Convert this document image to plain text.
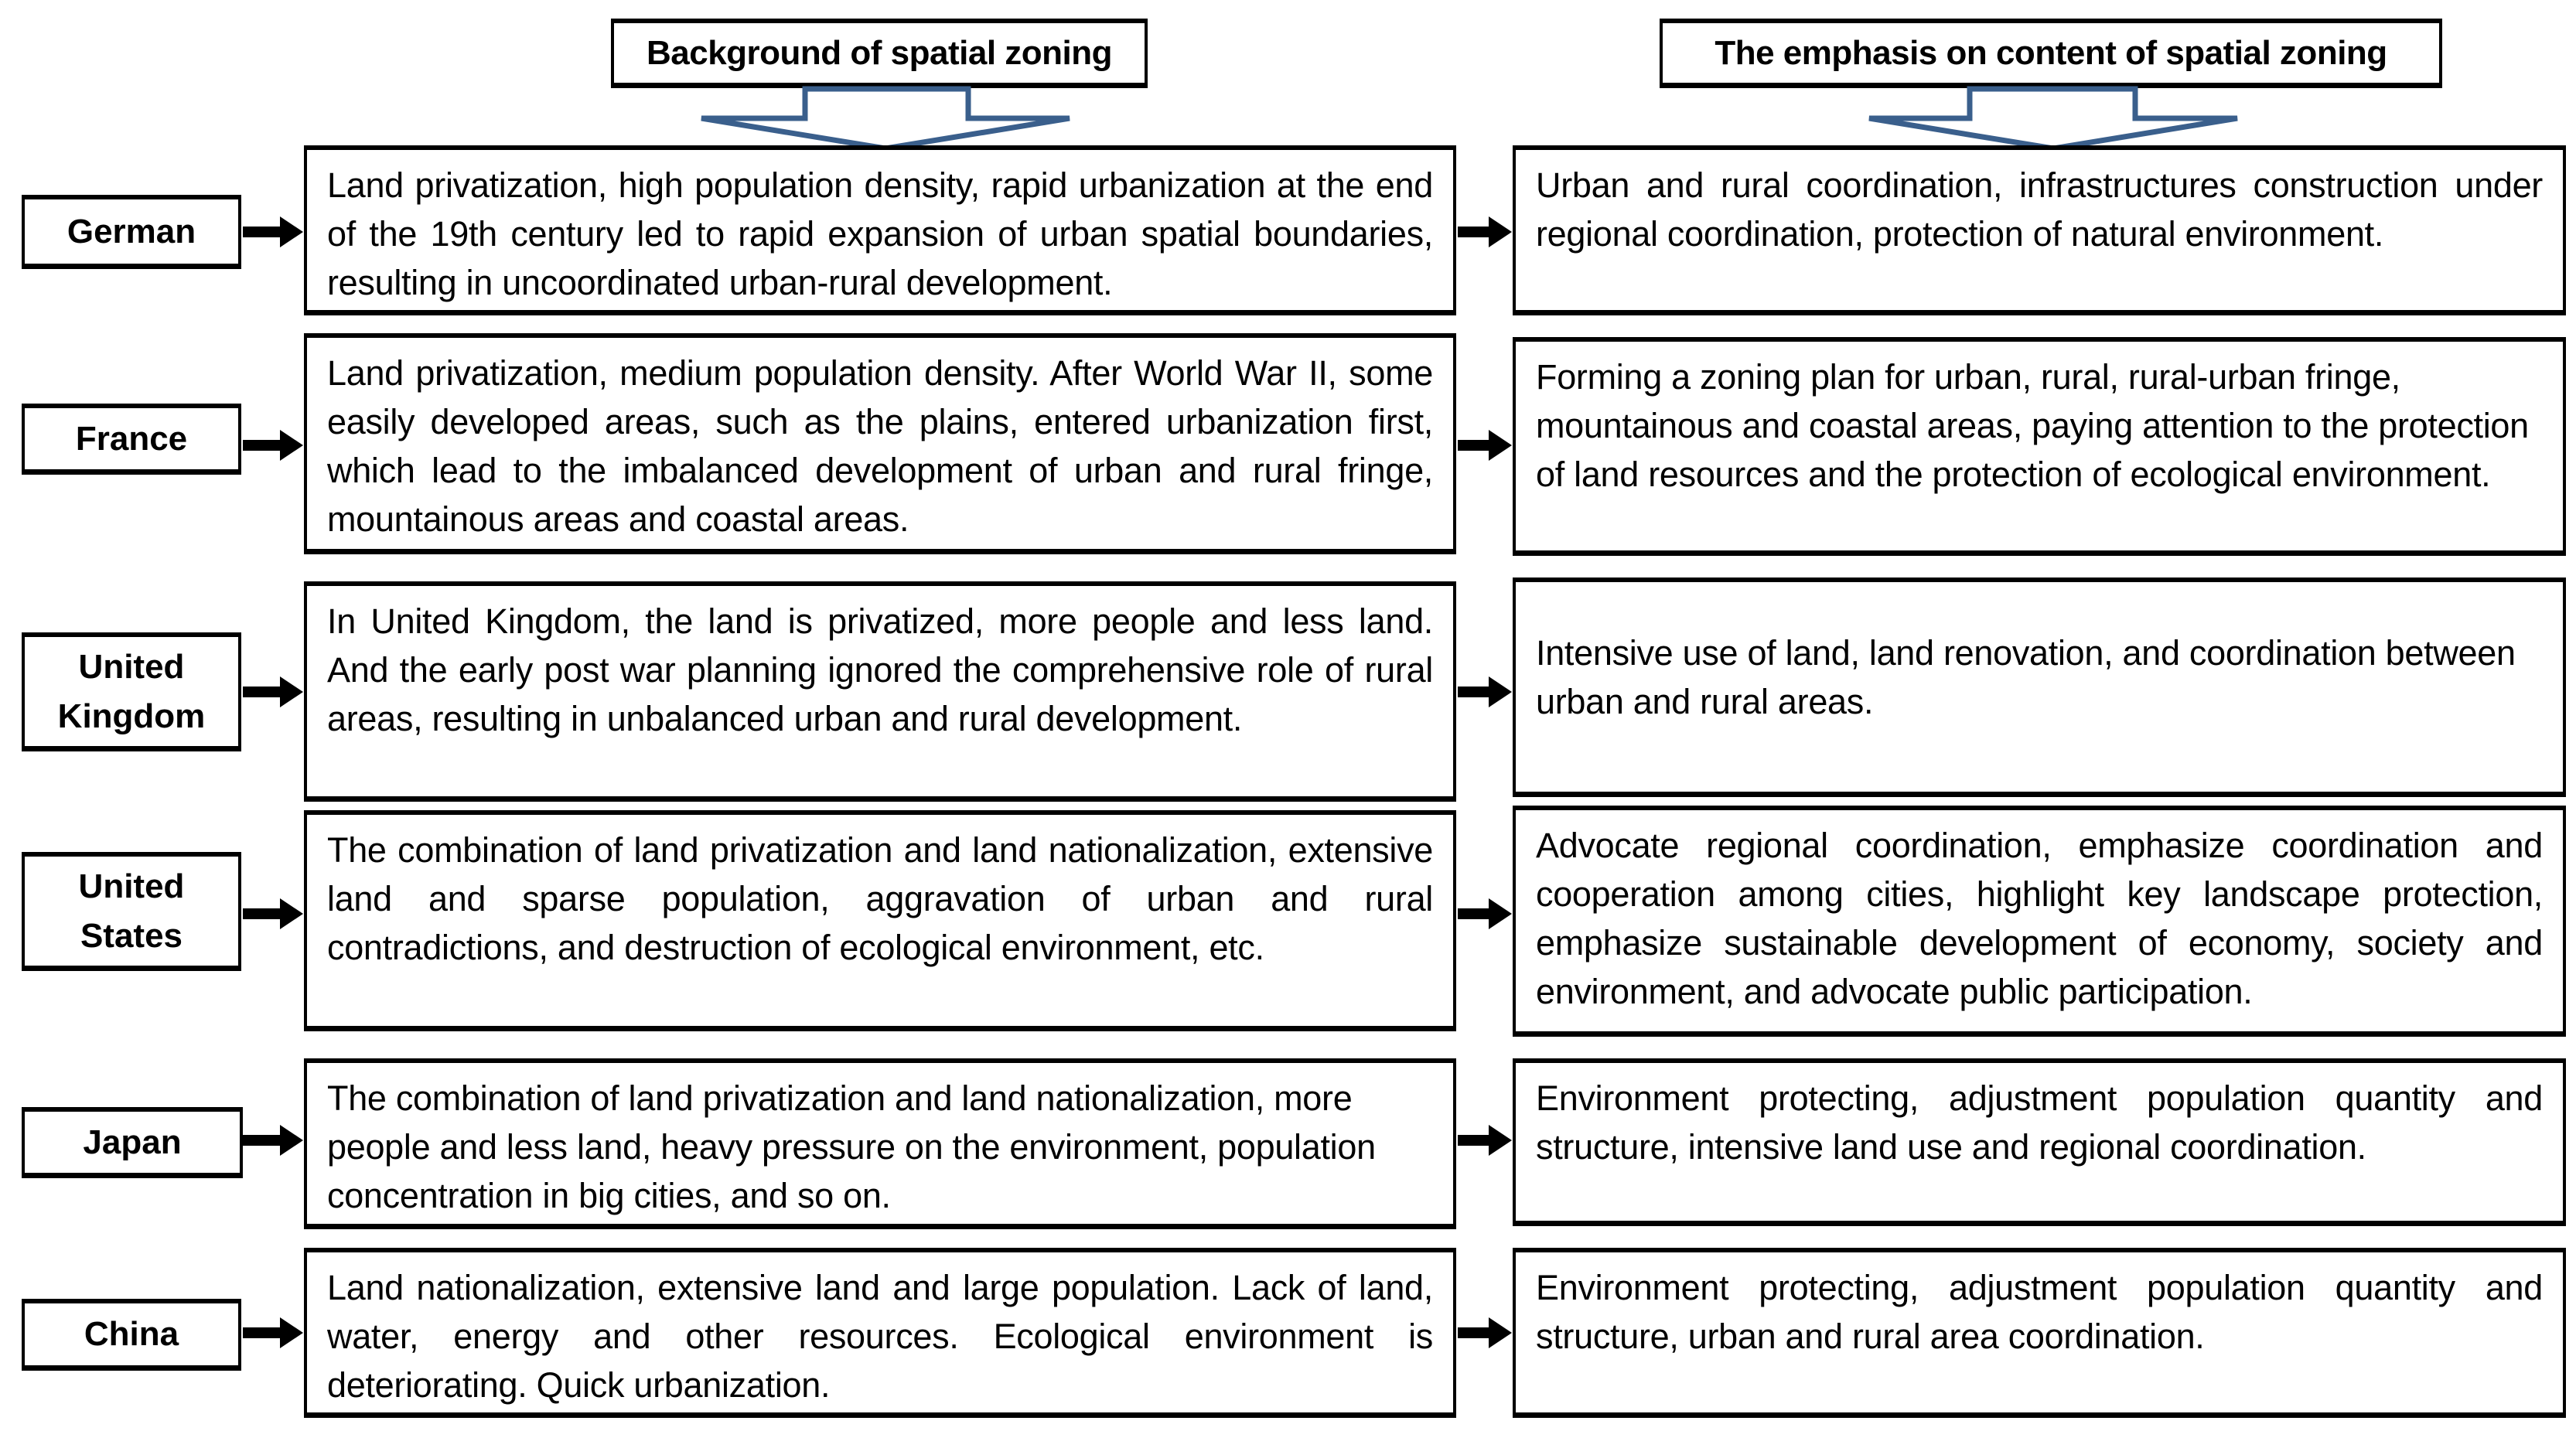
Background of spatial zoning	The emphasis on content of spatial zoning
German
Land privatization, high population density, rapid urbanization at the end of the 19th century led to rapid expansion of urban spatial boundaries, resulting in uncoordinated urban-rural development.
Urban and rural coordination, infrastructures construction under regional coordination, protection of natural environment.
France
Land privatization, medium population density. After World War II, some easily developed areas, such as the plains, entered urbanization first, which lead to the imbalanced development of urban and rural fringe, mountainous areas and coastal areas.
Forming a zoning plan for urban, rural, rural-urban fringe, mountainous and coastal areas, paying attention to the protection of land resources and the protection of ecological environment.
United Kingdom
In United Kingdom, the land is privatized, more people and less land. And the early post war planning ignored the comprehensive role of rural areas, resulting in unbalanced urban and rural development.
Intensive use of land, land renovation, and coordination between urban and rural areas.
United States
The combination of land privatization and land nationalization, extensive land and sparse population, aggravation of urban and rural contradictions, and destruction of ecological environment, etc.
Advocate regional coordination, emphasize coordination and cooperation among cities, highlight key landscape protection, emphasize sustainable development of economy, society and environment, and advocate public participation.
Japan
The combination of land privatization and land nationalization, more people and less land, heavy pressure on the environment, population concentration in big cities, and so on.
Environment protecting, adjustment population quantity and structure, intensive land use and regional coordination.
China
Land nationalization, extensive land and large population. Lack of land, water, energy and other resources. Ecological environment is deteriorating. Quick urbanization.
Environment protecting, adjustment population quantity and structure, urban and rural area coordination.
